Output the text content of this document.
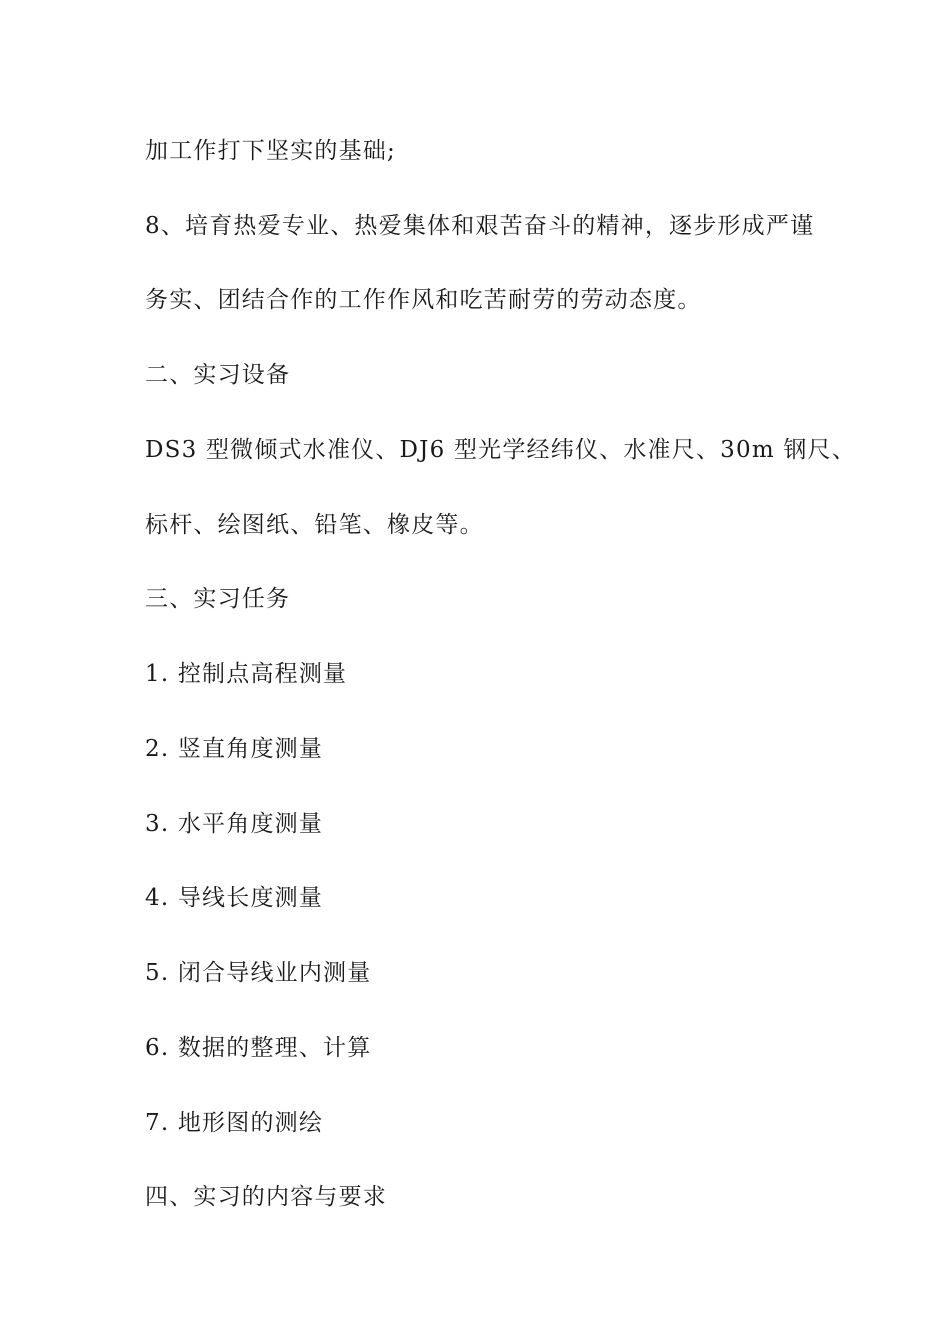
加工作打下坚实的基础;
8、培育热爱专业、热爱集体和艰苦奋斗的精神，逐步形成严谨
务实、团结合作的工作作风和吃苦耐劳的劳动态度。
二、实习设备
DS3 型微倾式水准仪、DJ6 型光学经纬仪、水准尺、30m 钢尺、
标杆、绘图纸、铅笔、橡皮等。
三、实习任务
1. 控制点高程测量
2. 竖直角度测量
3. 水平角度测量
4. 导线长度测量
5. 闭合导线业内测量
6. 数据的整理、计算
7. 地形图的测绘
四、实习的内容与要求
